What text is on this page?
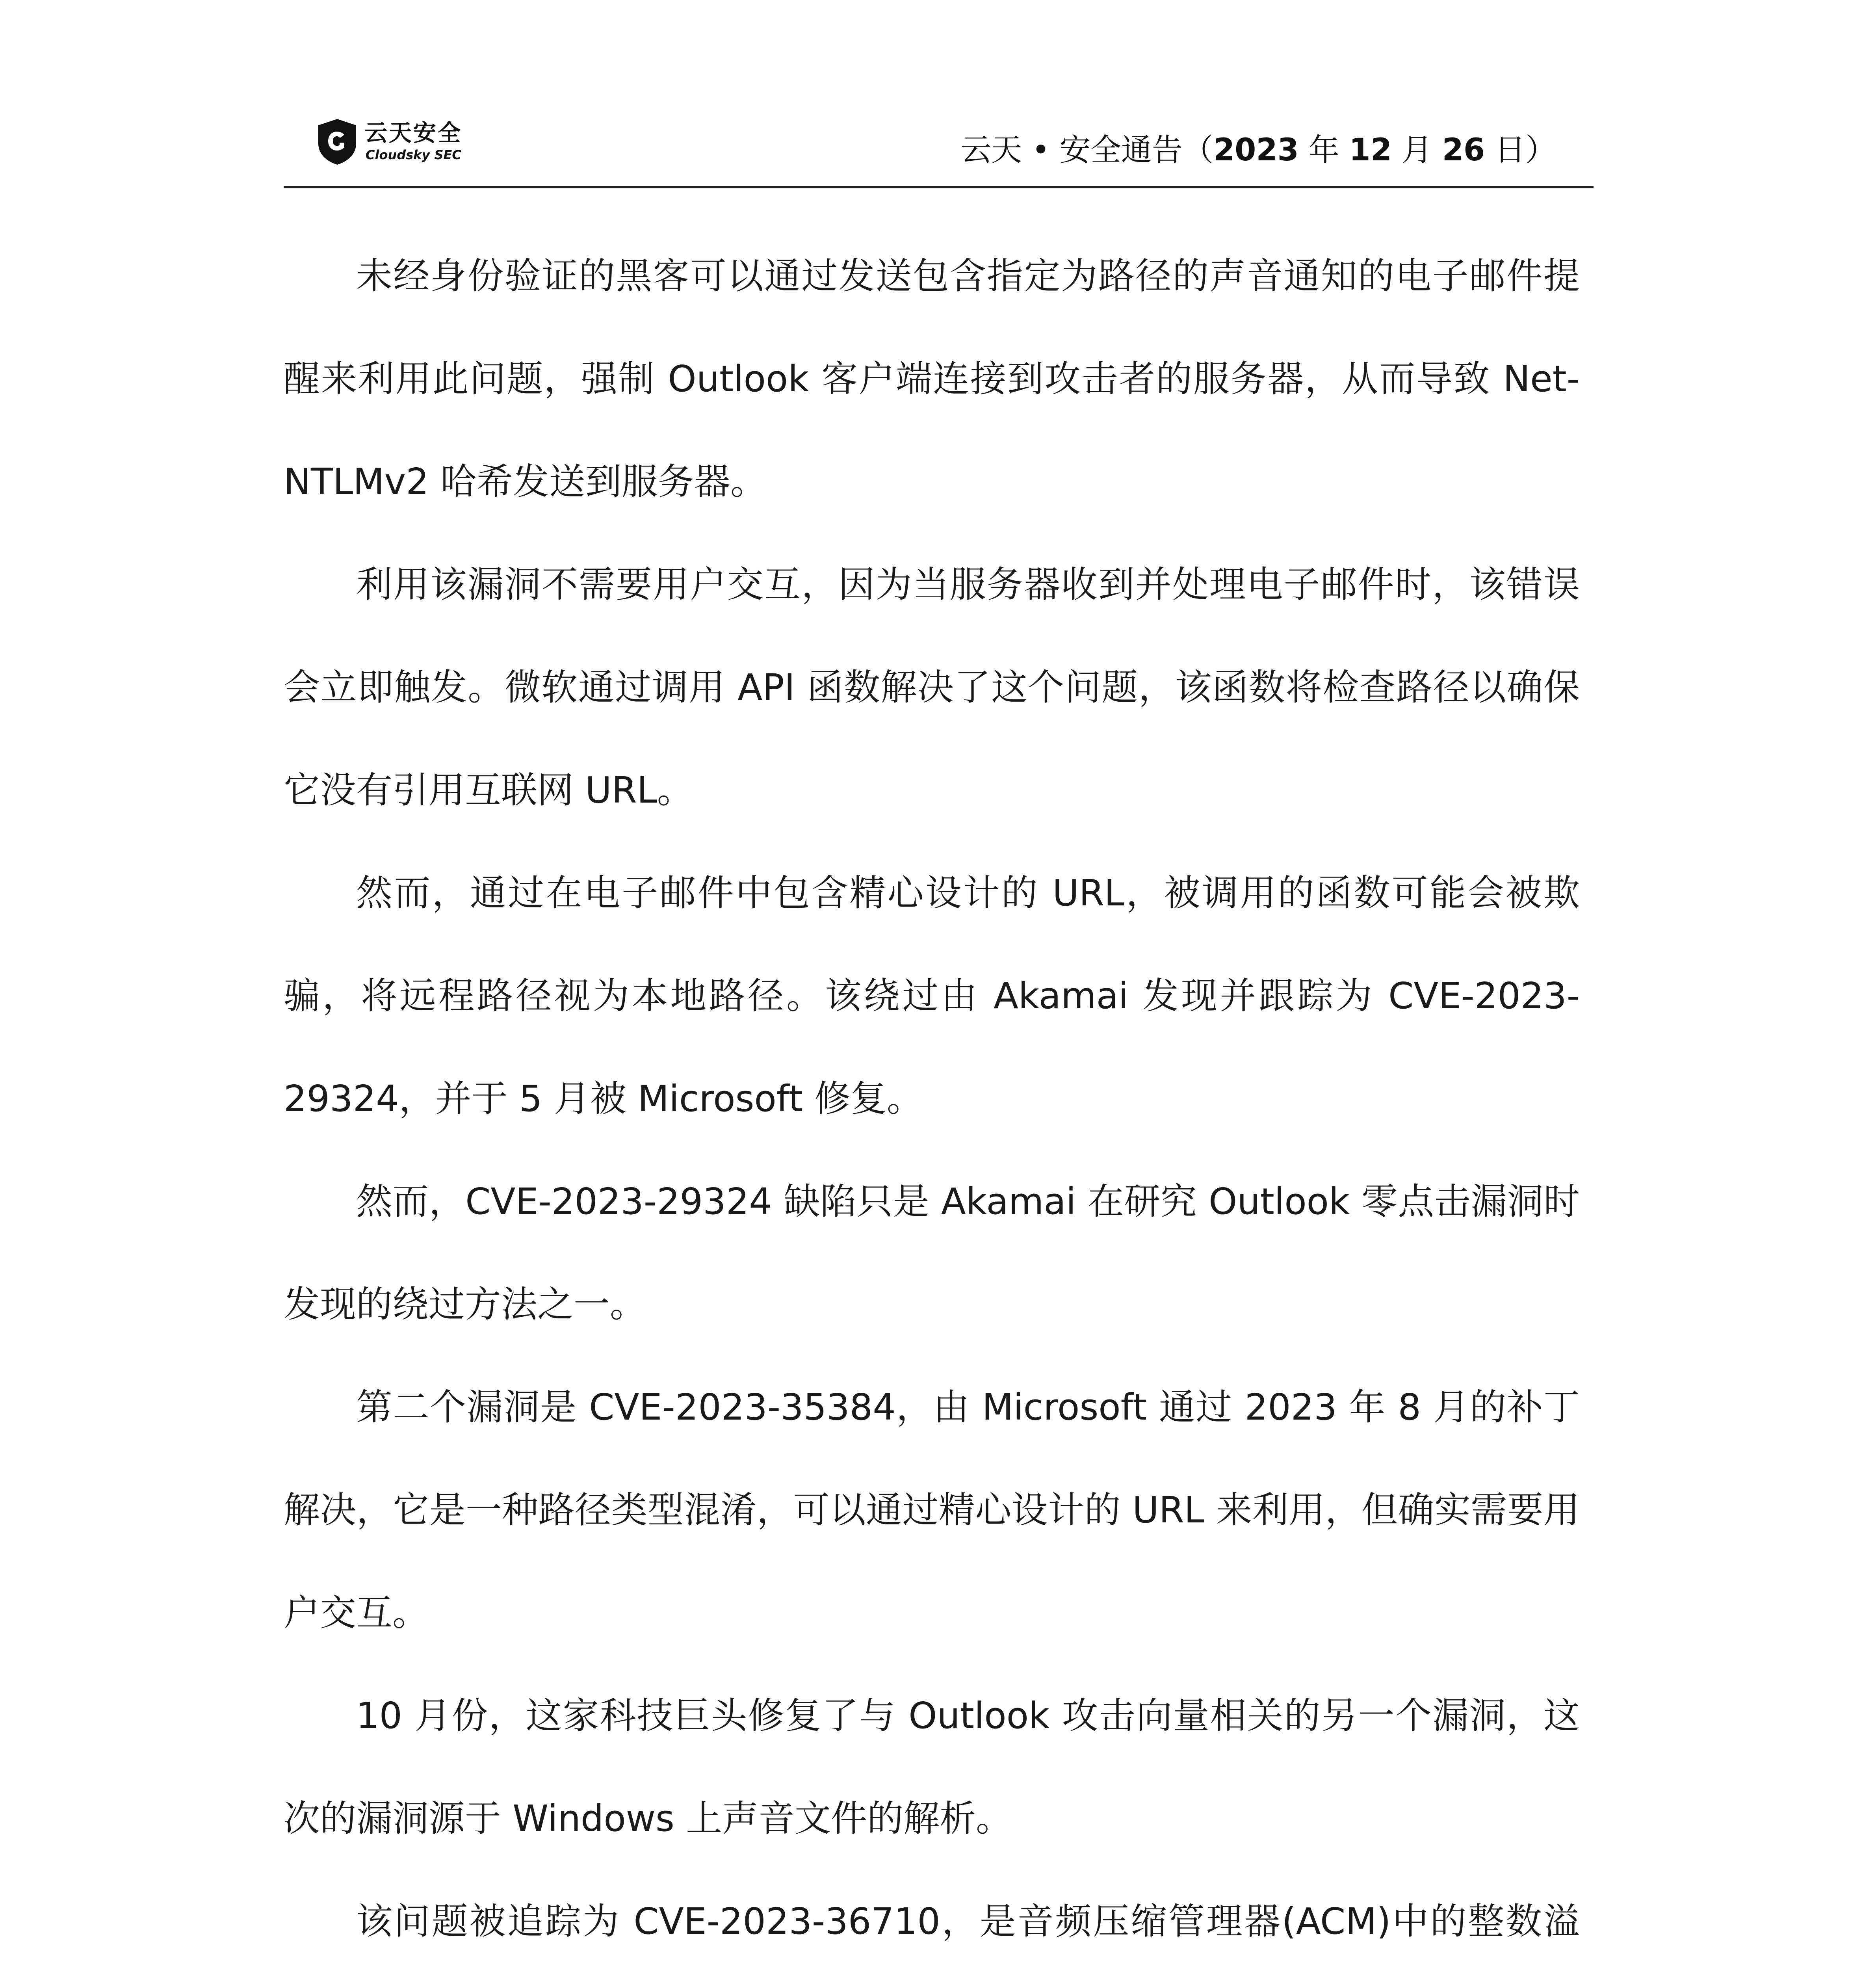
云天安全
Cloudsky SEC	云天 • 安全通告（2023 年 12 月 26 日）

未经身份验证的黑客可以通过发送包含指定为路径的声音通知的电子邮件提醒来利用此问题，强制 Outlook 客户端连接到攻击者的服务器，从而导致 Net-NTLMv2 哈希发送到服务器。

利用该漏洞不需要用户交互，因为当服务器收到并处理电子邮件时，该错误会立即触发。微软通过调用 API 函数解决了这个问题，该函数将检查路径以确保它没有引用互联网 URL。

然而，通过在电子邮件中包含精心设计的 URL，被调用的函数可能会被欺骗，将远程路径视为本地路径。该绕过由 Akamai 发现并跟踪为 CVE-2023-29324，并于 5 月被 Microsoft 修复。

然而，CVE-2023-29324 缺陷只是 Akamai 在研究 Outlook 零点击漏洞时发现的绕过方法之一。

第二个漏洞是 CVE-2023-35384，由 Microsoft 通过 2023 年 8 月的补丁解决，它是一种路径类型混淆，可以通过精心设计的 URL 来利用，但确实需要用户交互。

10 月份，这家科技巨头修复了与 Outlook 攻击向量相关的另一个漏洞，这次的漏洞源于 Windows 上声音文件的解析。

该问题被追踪为 CVE-2023-36710，是音频压缩管理器(ACM)中的整数溢
